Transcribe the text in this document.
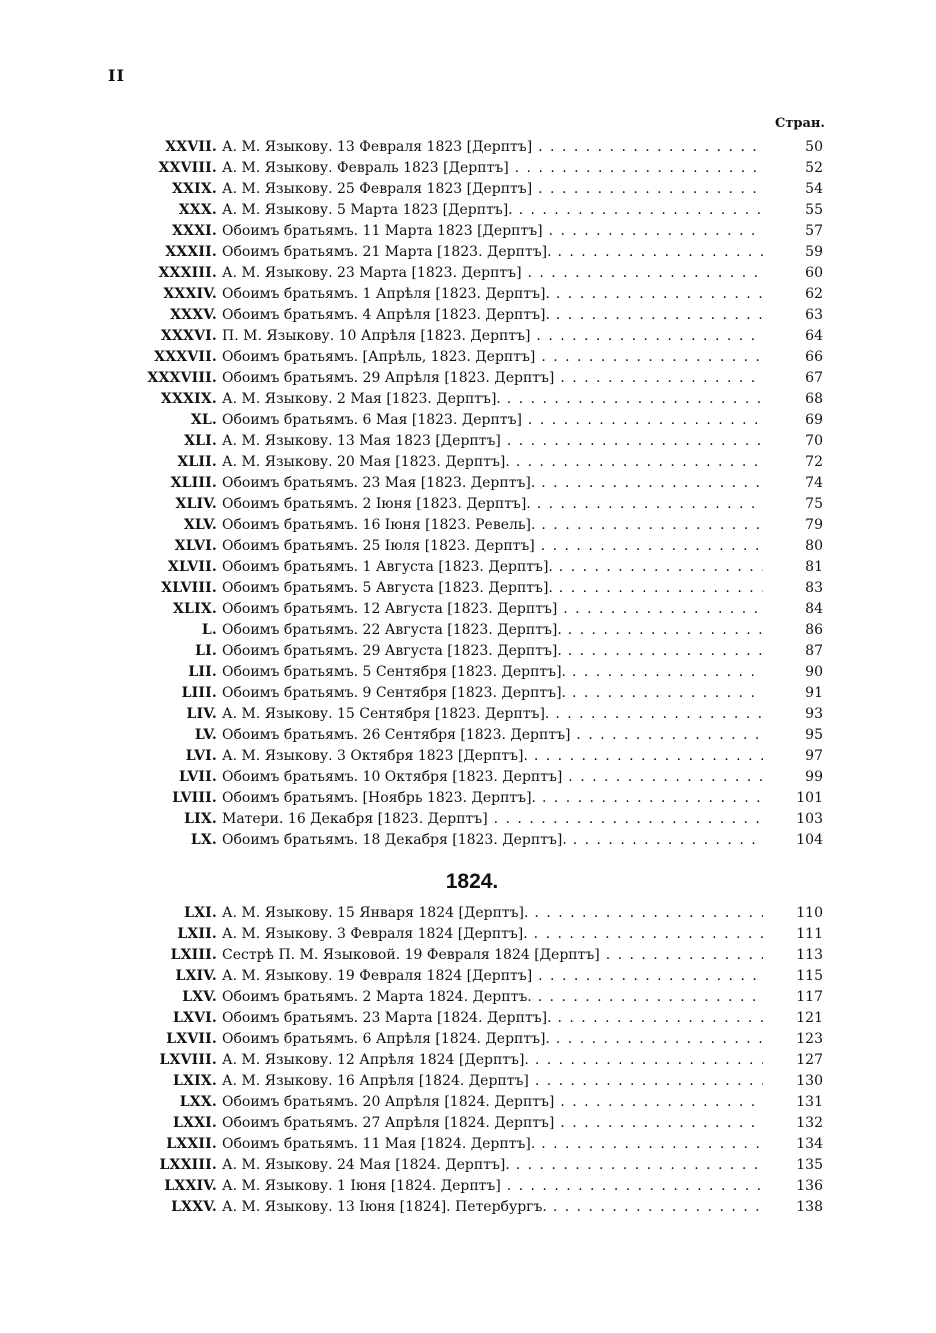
II
Стран.
XXVII. А. М. Языкову. 13 Февраля 1823 [Дерптъ] . . .	50
XXVIII. А. М. Языкову. Февраль 1823 [Дерптъ] . . .	52
XXIX. А. М. Языкову. 25 Февраля 1823 [Дерптъ] . . .	54
XXX. А. М. Языкову. 5 Марта 1823 [Дерптъ]. . . .	55
XXXI. Обоимъ братьямъ. 11 Марта 1823 [Дерптъ] . . .	57
XXXII. Обоимъ братьямъ. 21 Марта [1823. Дерптъ]. . . .	59
XXXIII. А. М. Языкову. 23 Марта [1823. Дерптъ] . . .	60
XXXIV. Обоимъ братьямъ. 1 Апрѣля [1823. Дерптъ]. . . .	62
XXXV. Обоимъ братьямъ. 4 Апрѣля [1823. Дерптъ]. . . .	63
XXXVI. П. М. Языкову. 10 Апрѣля [1823. Дерптъ] . . .	64
XXXVII. Обоимъ братьямъ. [Апрѣль, 1823. Дерптъ] . . .	66
XXXVIII. Обоимъ братьямъ. 29 Апрѣля [1823. Дерптъ] . . .	67
XXXIX. А. М. Языкову. 2 Мая [1823. Дерптъ]. . . .	68
XL. Обоимъ братьямъ. 6 Мая [1823. Дерптъ] . . .	69
XLI. А. М. Языкову. 13 Мая 1823 [Дерптъ] . . .	70
XLII. А. М. Языкову. 20 Мая [1823. Дерптъ]. . . .	72
XLIII. Обоимъ братьямъ. 23 Мая [1823. Дерптъ]. . . .	74
XLIV. Обоимъ братьямъ. 2 Іюня [1823. Дерптъ]. . . .	75
XLV. Обоимъ братьямъ. 16 Іюня [1823. Ревель]. . . .	79
XLVI. Обоимъ братьямъ. 25 Іюля [1823. Дерптъ] . . .	80
XLVII. Обоимъ братьямъ. 1 Августа [1823. Дерптъ]. . . .	81
XLVIII. Обоимъ братьямъ. 5 Августа [1823. Дерптъ]. . . .	83
XLIX. Обоимъ братьямъ. 12 Августа [1823. Дерптъ] . . .	84
L. Обоимъ братьямъ. 22 Августа [1823. Дерптъ]. . . .	86
LI. Обоимъ братьямъ. 29 Августа [1823. Дерптъ]. . . .	87
LII. Обоимъ братьямъ. 5 Сентября [1823. Дерптъ]. . . .	90
LIII. Обоимъ братьямъ. 9 Сентября [1823. Дерптъ]. . . .	91
LIV. А. М. Языкову. 15 Сентября [1823. Дерптъ]. . . .	93
LV. Обоимъ братьямъ. 26 Сентября [1823. Дерптъ] . . .	95
LVI. А. М. Языкову. 3 Октября 1823 [Дерптъ]. . . .	97
LVII. Обоимъ братьямъ. 10 Октября [1823. Дерптъ] . . .	99
LVIII. Обоимъ братьямъ. [Ноябрь 1823. Дерптъ]. . . .	101
LIX. Матери. 16 Декабря [1823. Дерптъ] . . .	103
LX. Обоимъ братьямъ. 18 Декабря [1823. Дерптъ]. . . .	104
1824.
LXI. А. М. Языкову. 15 Января 1824 [Дерптъ]. . . .	110
LXII. А. М. Языкову. 3 Февраля 1824 [Дерптъ]. . . .	111
LXIII. Сестрѣ П. М. Языковой. 19 Февраля 1824 [Дерптъ] . . .	113
LXIV. А. М. Языкову. 19 Февраля 1824 [Дерптъ] . . .	115
LXV. Обоимъ братьямъ. 2 Марта 1824. Дерптъ. . . .	117
LXVI. Обоимъ братьямъ. 23 Марта [1824. Дерптъ]. . . .	121
LXVII. Обоимъ братьямъ. 6 Апрѣля [1824. Дерптъ]. . . .	123
LXVIII. А. М. Языкову. 12 Апрѣля 1824 [Дерптъ]. . . .	127
LXIX. А. М. Языкову. 16 Апрѣля [1824. Дерптъ] . . .	130
LXX. Обоимъ братьямъ. 20 Апрѣля [1824. Дерптъ] . . .	131
LXXI. Обоимъ братьямъ. 27 Апрѣля [1824. Дерптъ] . . .	132
LXXII. Обоимъ братьямъ. 11 Мая [1824. Дерптъ]. . . .	134
LXXIII. А. М. Языкову. 24 Мая [1824. Дерптъ]. . . .	135
LXXIV. А. М. Языкову. 1 Іюня [1824. Дерптъ] . . .	136
LXXV. А. М. Языкову. 13 Іюня [1824]. Петербургъ. . . .	138
